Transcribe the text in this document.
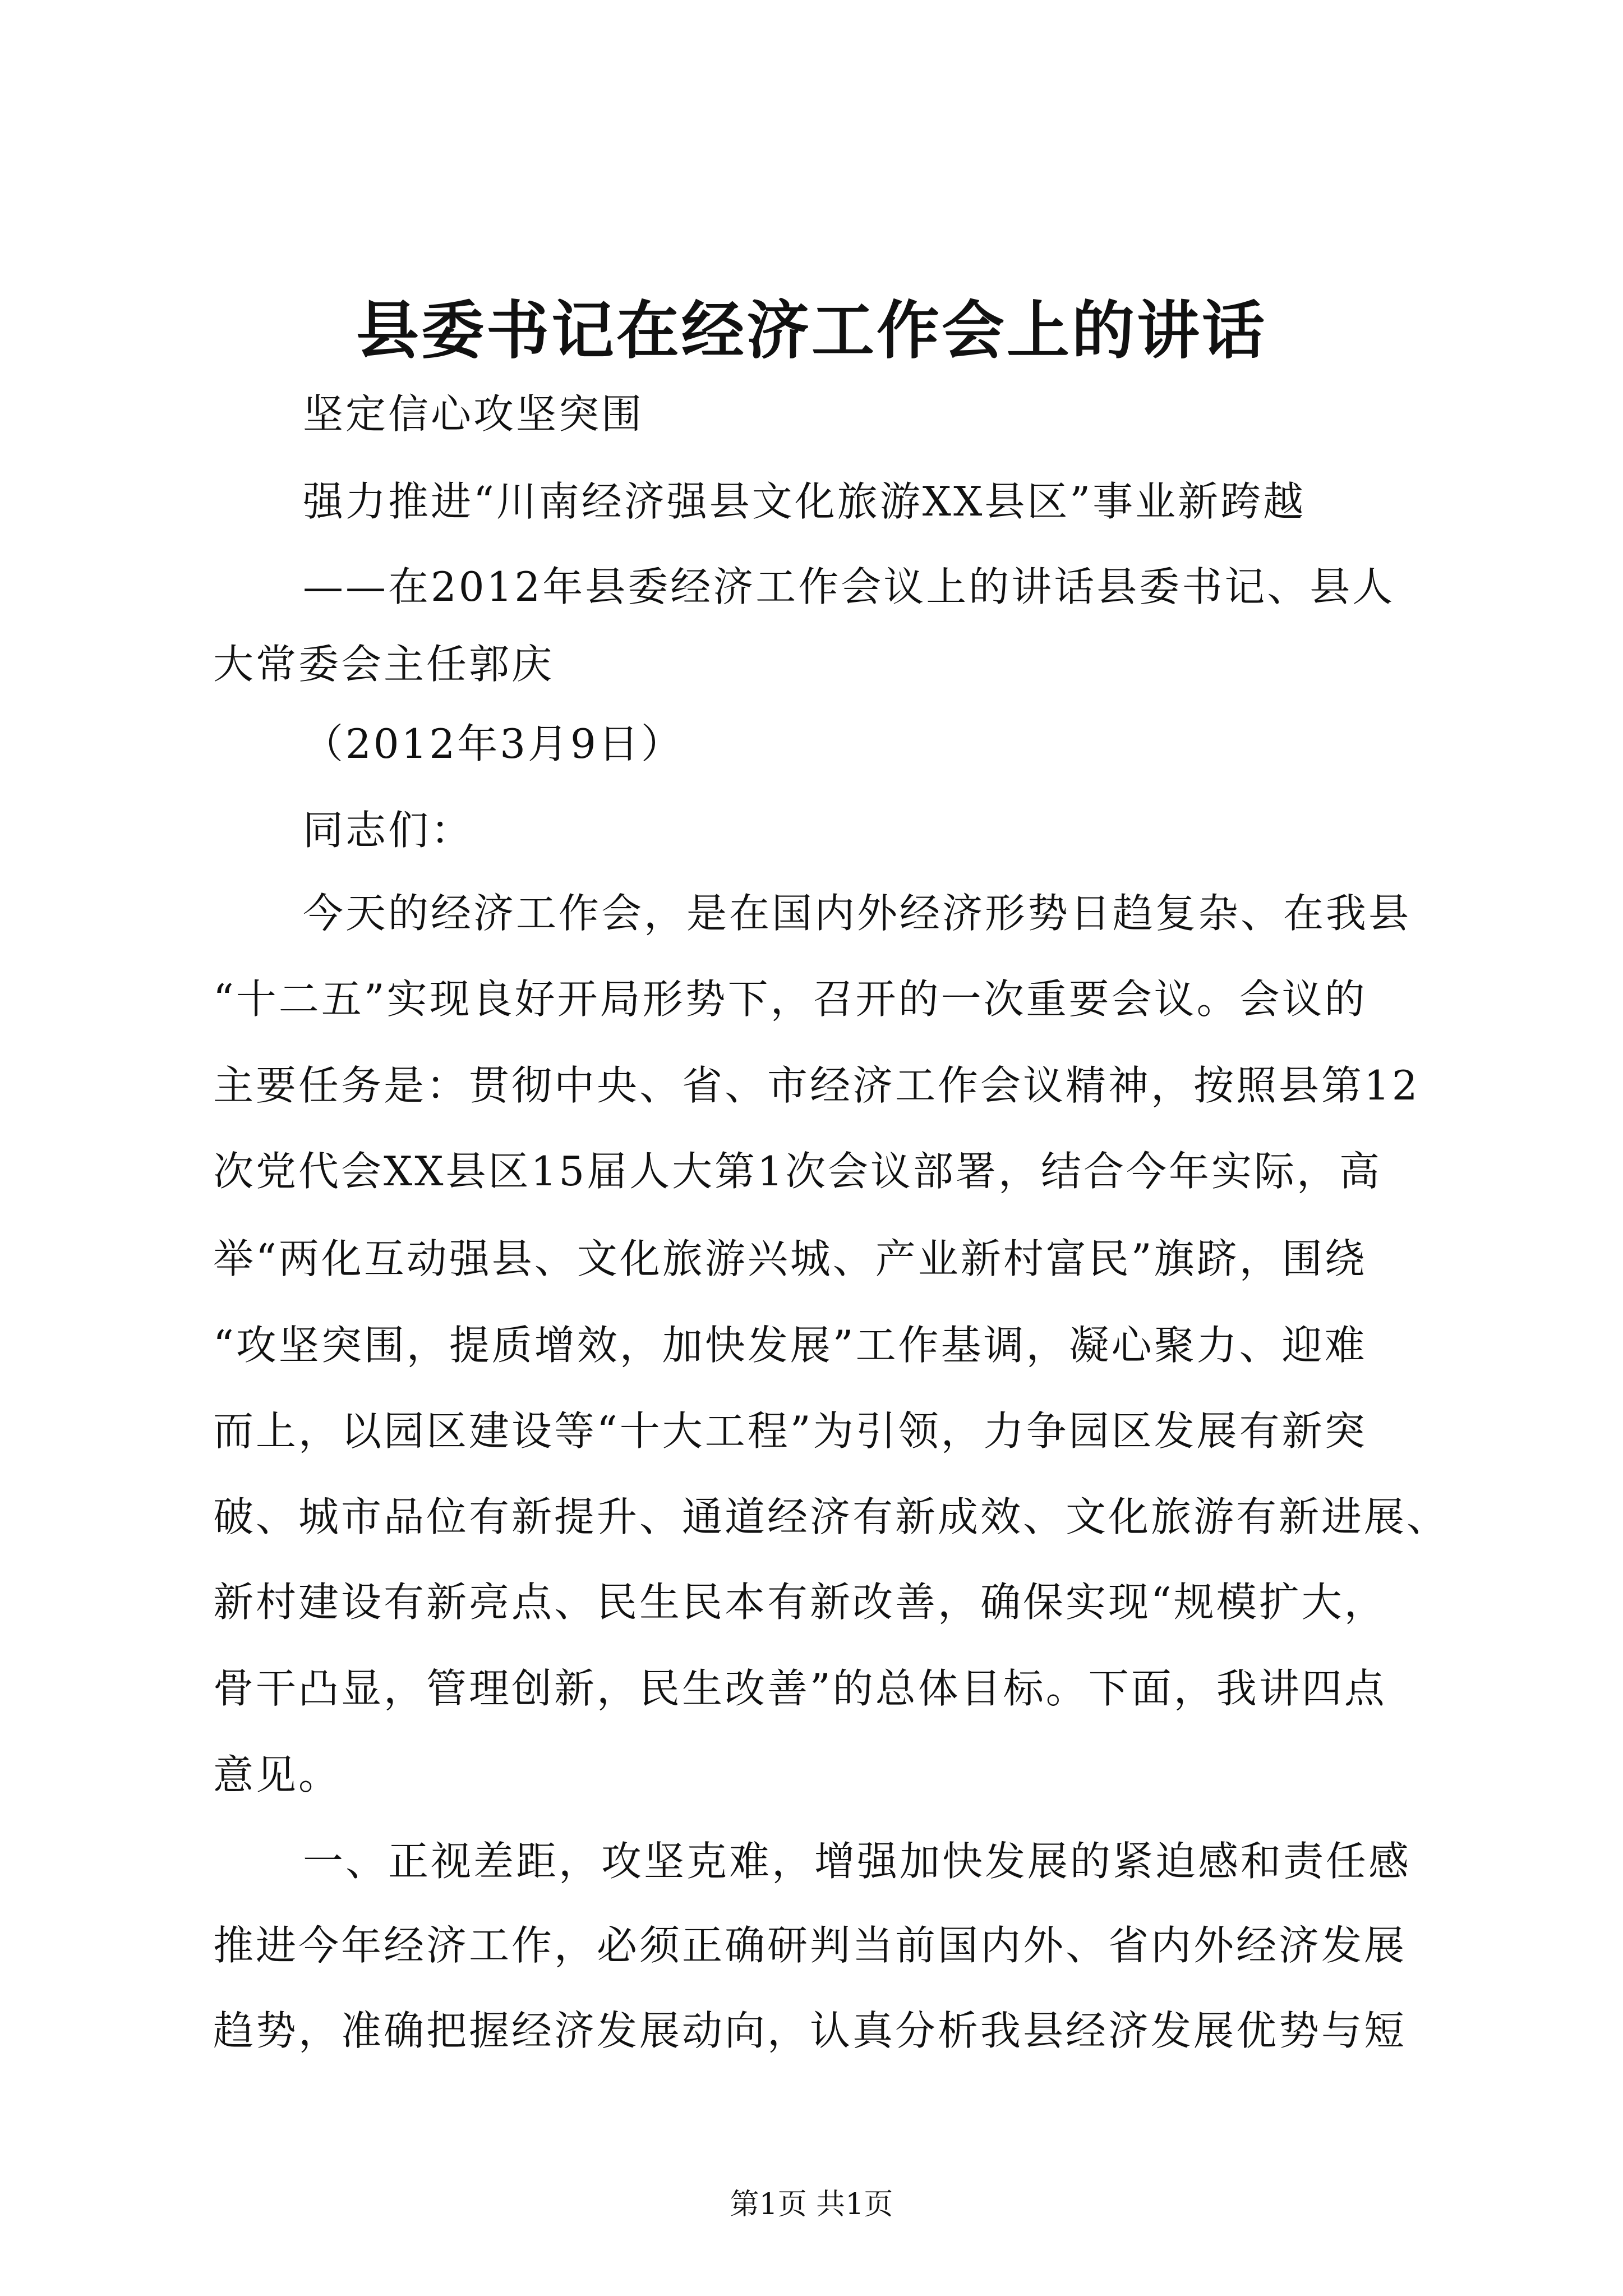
县委书记在经济工作会上的讲话
坚定信心攻坚突围
强力推进“川南经济强县文化旅游XX县区”事业新跨越
——在2012年县委经济工作会议上的讲话县委书记、县人
大常委会主任郭庆
（2012年3月9日）
同志们：
今天的经济工作会，是在国内外经济形势日趋复杂、在我县
“十二五”实现良好开局形势下，召开的一次重要会议。会议的
主要任务是：贯彻中央、省、市经济工作会议精神，按照县第12
次党代会XX县区15届人大第1次会议部署，结合今年实际，高
举“两化互动强县、文化旅游兴城、产业新村富民”旗跻，围绕
“攻坚突围，提质增效，加快发展”工作基调，凝心聚力、迎难
而上，以园区建设等“十大工程”为引领，力争园区发展有新突
破、城市品位有新提升、通道经济有新成效、文化旅游有新进展、
新村建设有新亮点、民生民本有新改善，确保实现“规模扩大，
骨干凸显，管理创新，民生改善”的总体目标。下面，我讲四点
意见。
一、正视差距，攻坚克难，增强加快发展的紧迫感和责任感
推进今年经济工作，必须正确研判当前国内外、省内外经济发展
趋势，准确把握经济发展动向，认真分析我县经济发展优势与短
第1页 共1页
